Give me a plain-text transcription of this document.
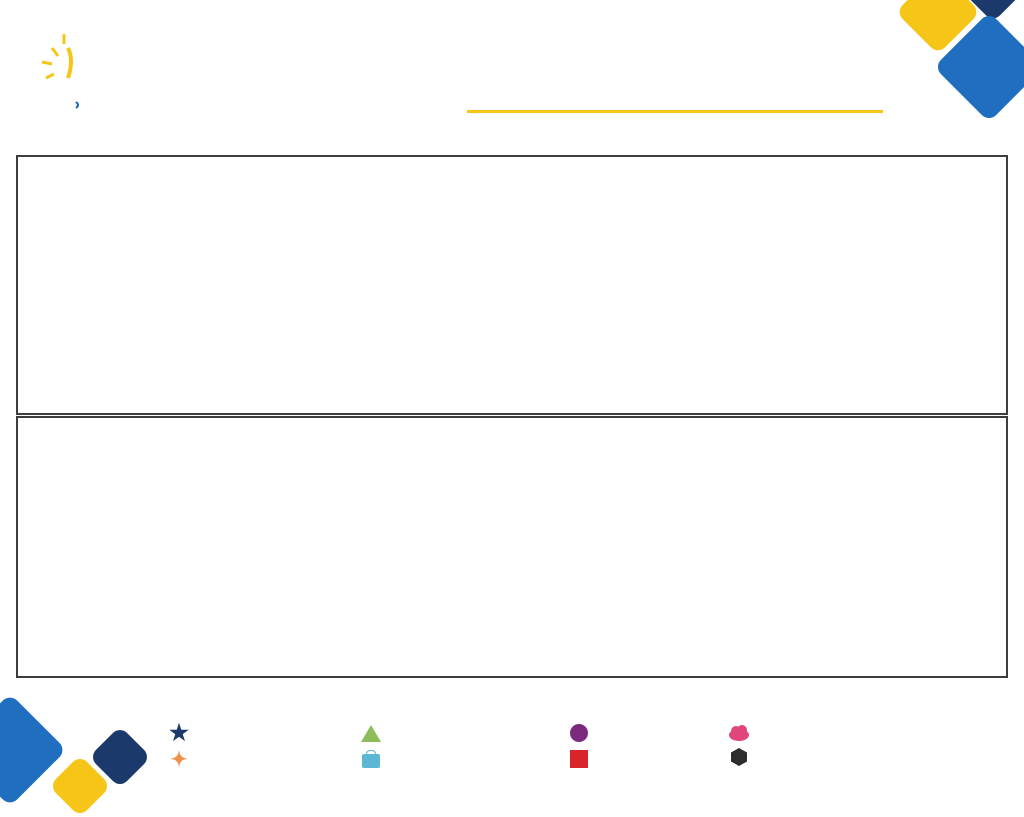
★
✦
